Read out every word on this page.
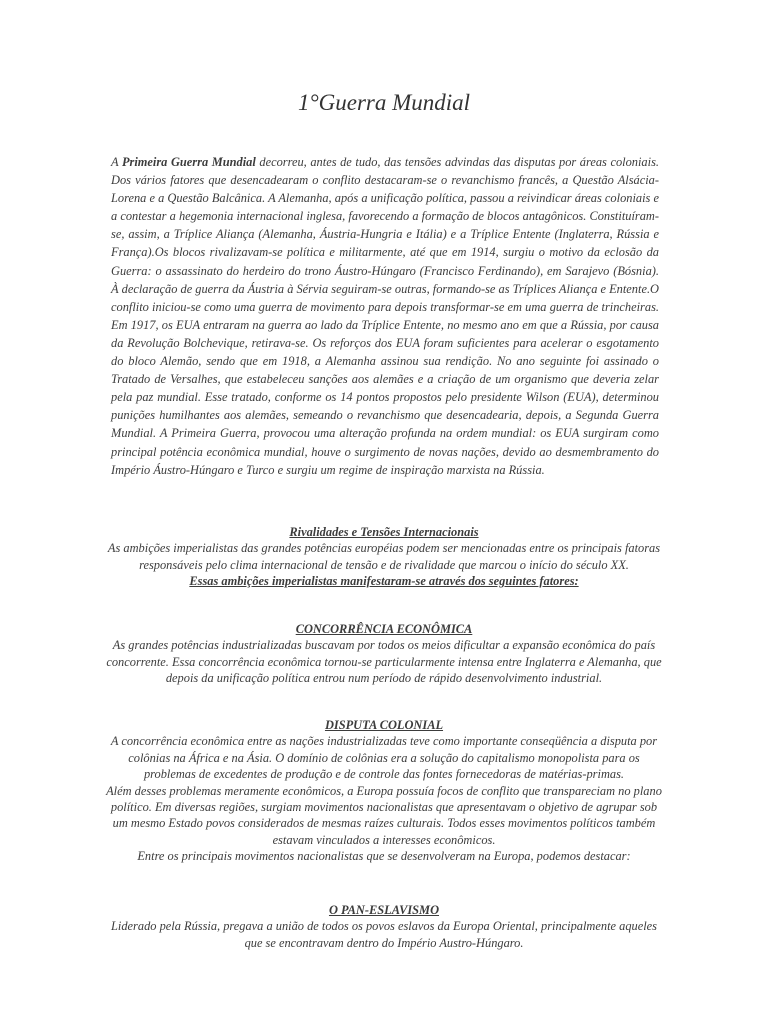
1°Guerra Mundial

A Primeira Guerra Mundial decorreu, antes de tudo, das tensões advindas das disputas por áreas coloniais. Dos vários fatores que desencadearam o conflito destacaram-se o revanchismo francês, a Questão Alsácia-Lorena e a Questão Balcânica. A Alemanha, após a unificação política, passou a reivindicar áreas coloniais e a contestar a hegemonia internacional inglesa, favorecendo a formação de blocos antagônicos. Constituíram-se, assim, a Tríplice Aliança (Alemanha, Áustria-Hungria e Itália) e a Tríplice Entente (Inglaterra, Rússia e França).Os blocos rivalizavam-se política e militarmente, até que em 1914, surgiu o motivo da eclosão da Guerra: o assassinato do herdeiro do trono Áustro-Húngaro (Francisco Ferdinando), em Sarajevo (Bósnia). À declaração de guerra da Áustria à Sérvia seguiram-se outras, formando-se as Tríplices Aliança e Entente.O conflito iniciou-se como uma guerra de movimento para depois transformar-se em uma guerra de trincheiras. Em 1917, os EUA entraram na guerra ao lado da Tríplice Entente, no mesmo ano em que a Rússia, por causa da Revolução Bolchevique, retirava-se. Os reforços dos EUA foram suficientes para acelerar o esgotamento do bloco Alemão, sendo que em 1918, a Alemanha assinou sua rendição. No ano seguinte foi assinado o Tratado de Versalhes, que estabeleceu sanções aos alemães e a criação de um organismo que deveria zelar pela paz mundial. Esse tratado, conforme os 14 pontos propostos pelo presidente Wilson (EUA), determinou punições humilhantes aos alemães, semeando o revanchismo que desencadearia, depois, a Segunda Guerra Mundial. A Primeira Guerra, provocou uma alteração profunda na ordem mundial: os EUA surgiram como principal potência econômica mundial, houve o surgimento de novas nações, devido ao desmembramento do Império Áustro-Húngaro e Turco e surgiu um regime de inspiração marxista na Rússia.

Rivalidades e Tensões Internacionais

As ambições imperialistas das grandes potências européias podem ser mencionadas entre os principais fatoras responsáveis pelo clima internacional de tensão e de rivalidade que marcou o início do século XX.

Essas ambições imperialistas manifestaram-se através dos seguintes fatores:

CONCORRÊNCIA ECONÔMICA

As grandes potências industrializadas buscavam por todos os meios dificultar a expansão econômica do país concorrente. Essa concorrência econômica tornou-se particularmente intensa entre Inglaterra e Alemanha, que depois da unificação política entrou num período de rápido desenvolvimento industrial.

DISPUTA COLONIAL

A concorrência econômica entre as nações industrializadas teve como importante conseqüência a disputa por colônias na África e na Ásia. O domínio de colônias era a solução do capitalismo monopolista para os problemas de excedentes de produção e de controle das fontes fornecedoras de matérias-primas.

Além desses problemas meramente econômicos, a Europa possuía focos de conflito que transpareciam no plano político. Em diversas regiões, surgiam movimentos nacionalistas que apresentavam o objetivo de agrupar sob um mesmo Estado povos considerados de mesmas raízes culturais. Todos esses movimentos políticos também estavam vinculados a interesses econômicos.

Entre os principais movimentos nacionalistas que se desenvolveram na Europa, podemos destacar:

O PAN-ESLAVISMO

Liderado pela Rússia, pregava a união de todos os povos eslavos da Europa Oriental, principalmente aqueles que se encontravam dentro do Império Austro-Húngaro.
